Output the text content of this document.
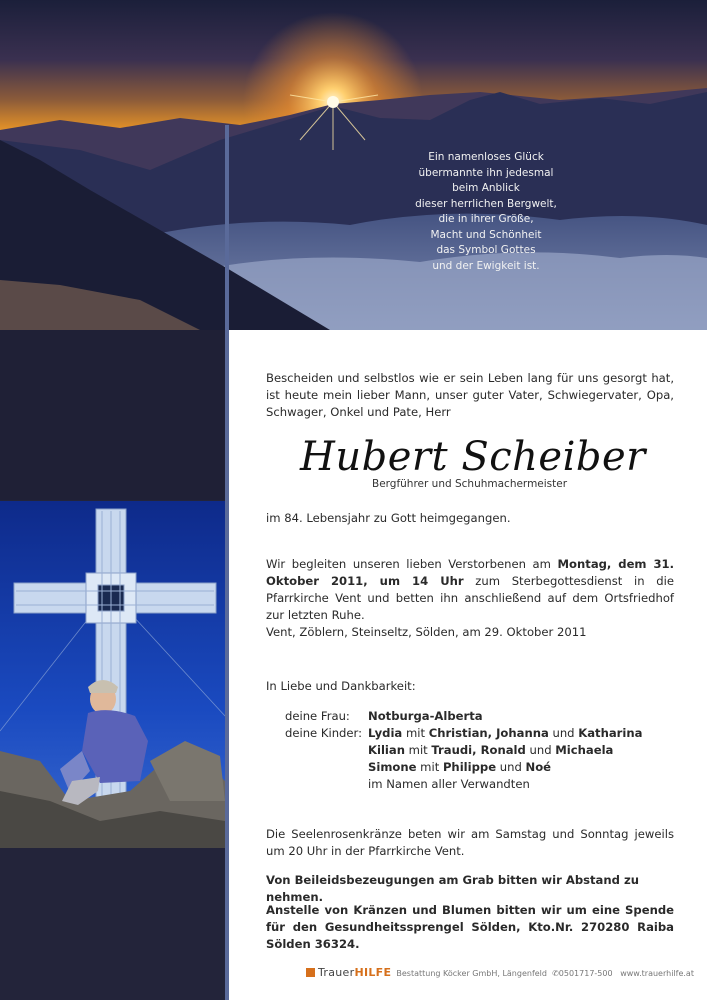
Ein namenloses Glück
übermannte ihn jedesmal
beim Anblick
dieser herrlichen Bergwelt,
die in ihrer Größe,
Macht und Schönheit
das Symbol Gottes
und der Ewigkeit ist.
Bescheiden und selbstlos wie er sein Leben lang für uns gesorgt hat, ist heute mein lieber Mann, unser guter Vater, Schwiegervater, Opa, Schwager, Onkel und Pate, Herr
Hubert Scheiber
Bergführer und Schuhmachermeister
im 84. Lebensjahr zu Gott heimgegangen.
Wir begleiten unseren lieben Verstorbenen am Montag, dem 31. Oktober 2011, um 14 Uhr zum Sterbegottesdienst in die Pfarrkirche Vent und betten ihn anschließend auf dem Ortsfriedhof zur letzten Ruhe.
Vent, Zöblern, Steinseltz, Sölden, am 29. Oktober 2011
In Liebe und Dankbarkeit:
deine Frau: Notburga-Alberta
deine Kinder: Lydia mit Christian, Johanna und Katharina
Kilian mit Traudi, Ronald und Michaela
Simone mit Philippe und Noé
im Namen aller Verwandten
Die Seelenrosenkränze beten wir am Samstag und Sonntag jeweils um 20 Uhr in der Pfarrkirche Vent.
Von Beileidsbezeugungen am Grab bitten wir Abstand zu nehmen.
Anstelle von Kränzen und Blumen bitten wir um eine Spende für den Gesundheitssprengel Sölden, Kto.Nr. 270280 Raiba Sölden 36324.
TrauerHILFE Bestattung Köcker GmbH, Längenfeld ✆0501717-500 www.trauerhilfe.at
